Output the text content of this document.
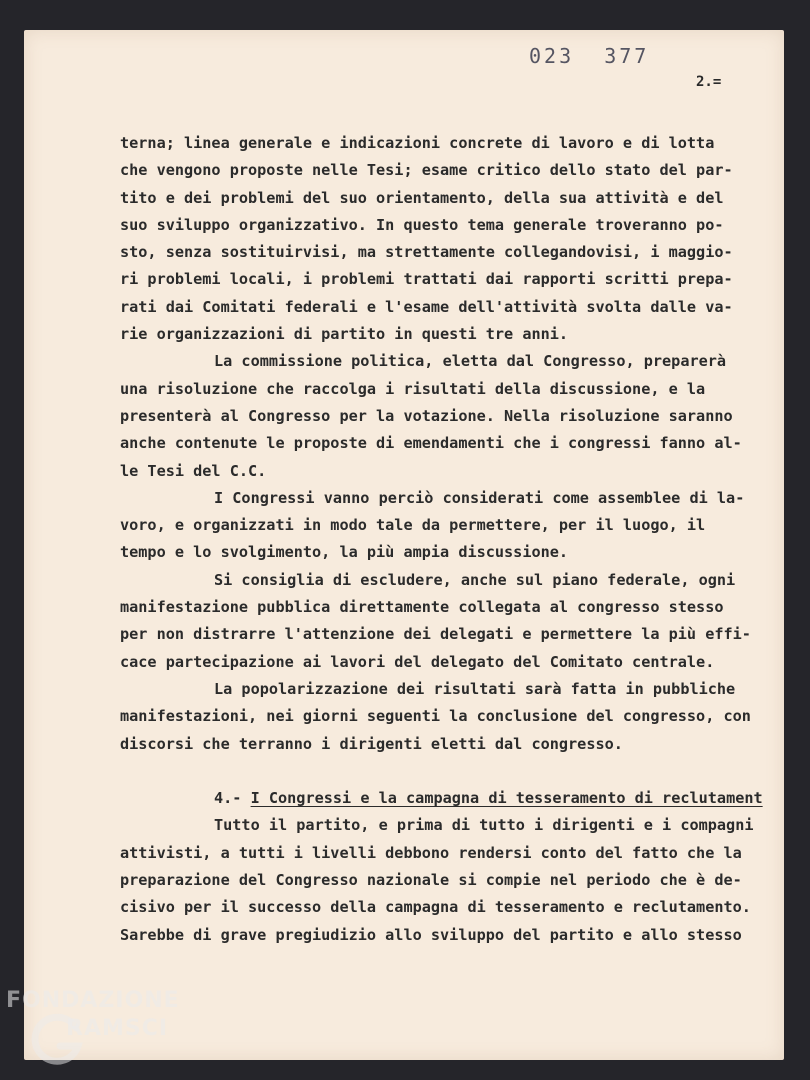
023  377
2.=
terna; linea generale e indicazioni concrete di lavoro e di lotta
che vengono proposte nelle Tesi; esame critico dello stato del par-
tito e dei problemi del suo orientamento, della sua attività e del
suo sviluppo organizzativo. In questo tema generale troveranno po-
sto, senza sostituirvisi, ma strettamente collegandovisi, i maggio-
ri problemi locali, i problemi trattati dai rapporti scritti prepa-
rati dai Comitati federali e l'esame dell'attività svolta dalle va-
rie organizzazioni di partito in questi tre anni.
La commissione politica, eletta dal Congresso, preparerà
una risoluzione che raccolga i risultati della discussione, e la
presenterà al Congresso per la votazione. Nella risoluzione saranno
anche contenute le proposte di emendamenti che i congressi fanno al-
le Tesi del C.C.
I Congressi vanno perciò considerati come assemblee di la-
voro, e organizzati in modo tale da permettere, per il luogo, il
tempo e lo svolgimento, la più ampia discussione.
Si consiglia di escludere, anche sul piano federale, ogni
manifestazione pubblica direttamente collegata al congresso stesso
per non distrarre l'attenzione dei delegati e permettere la più effi-
cace partecipazione ai lavori del delegato del Comitato centrale.
La popolarizzazione dei risultati sarà fatta in pubbliche
manifestazioni, nei giorni seguenti la conclusione del congresso, con
discorsi che terranno i dirigenti eletti dal congresso.
4.- I Congressi e la campagna di tesseramento di reclutament
Tutto il partito, e prima di tutto i dirigenti e i compagni
attivisti, a tutti i livelli debbono rendersi conto del fatto che la
preparazione del Congresso nazionale si compie nel periodo che è de-
cisivo per il successo della campagna di tesseramento e reclutamento.
Sarebbe di grave pregiudizio allo sviluppo del partito e allo stesso
FONDAZIONE
RAMSCI
